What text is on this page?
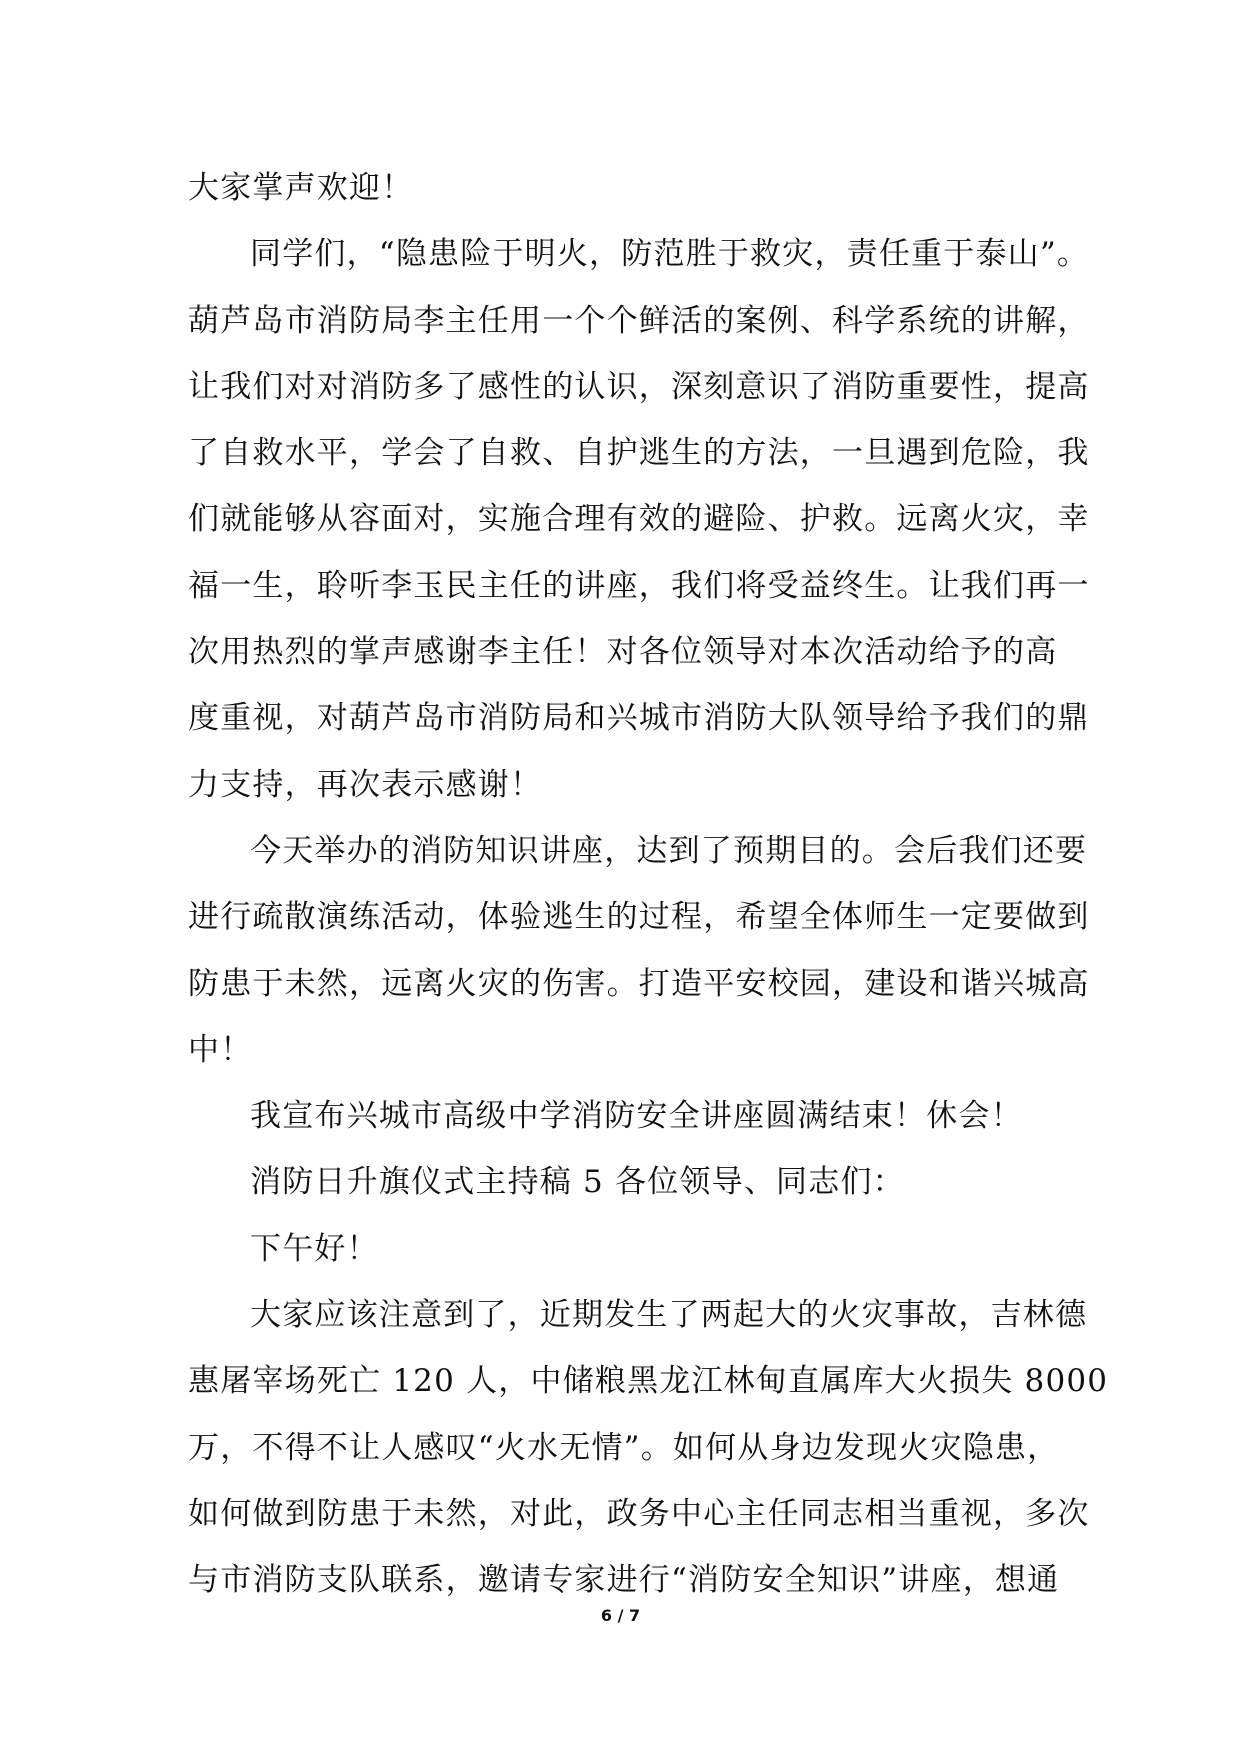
大家掌声欢迎！
同学们，“隐患险于明火，防范胜于救灾，责任重于泰山”。
葫芦岛市消防局李主任用一个个鲜活的案例、科学系统的讲解，
让我们对对消防多了感性的认识，深刻意识了消防重要性，提高
了自救水平，学会了自救、自护逃生的方法，一旦遇到危险，我
们就能够从容面对，实施合理有效的避险、护救。远离火灾，幸
福一生，聆听李玉民主任的讲座，我们将受益终生。让我们再一
次用热烈的掌声感谢李主任！对各位领导对本次活动给予的高
度重视，对葫芦岛市消防局和兴城市消防大队领导给予我们的鼎
力支持，再次表示感谢！
今天举办的消防知识讲座，达到了预期目的。会后我们还要
进行疏散演练活动，体验逃生的过程，希望全体师生一定要做到
防患于未然，远离火灾的伤害。打造平安校园，建设和谐兴城高
中！
我宣布兴城市高级中学消防安全讲座圆满结束！休会！
消防日升旗仪式主持稿 5 各位领导、同志们：
下午好！
大家应该注意到了，近期发生了两起大的火灾事故，吉林德
惠屠宰场死亡 120 人，中储粮黑龙江林甸直属库大火损失 8000
万，不得不让人感叹“火水无情”。如何从身边发现火灾隐患，
如何做到防患于未然，对此，政务中心主任同志相当重视，多次
与市消防支队联系，邀请专家进行“消防安全知识”讲座，想通
6 / 7
